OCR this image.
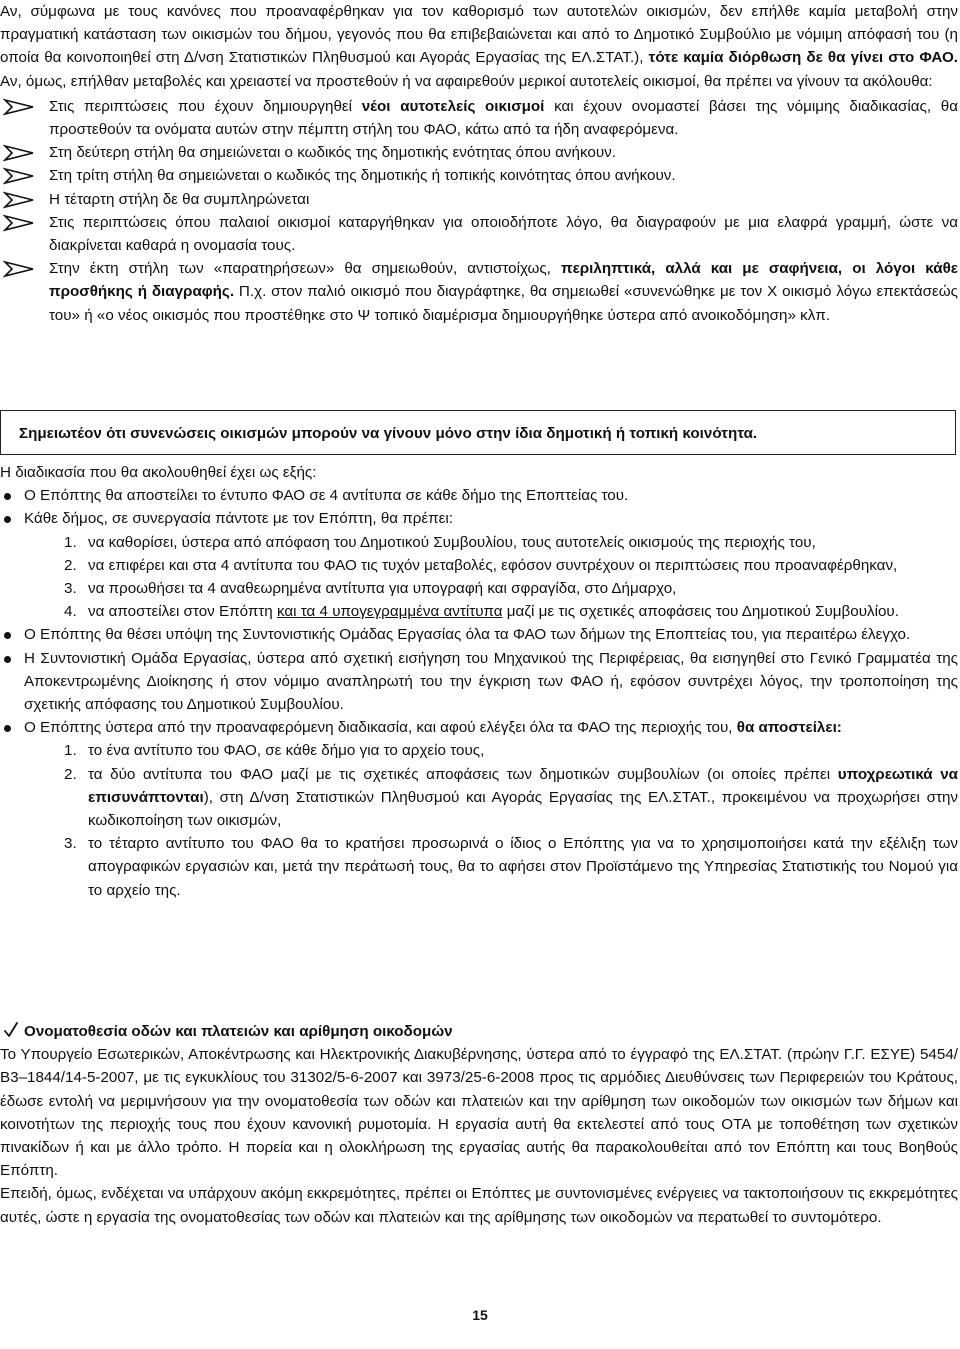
Αν, σύμφωνα με τους κανόνες που προαναφέρθηκαν για τον καθορισμό των αυτοτελών οικισμών, δεν επήλθε καμία μεταβολή στην πραγματική κατάσταση των οικισμών του δήμου, γεγονός που θα επιβεβαιώνεται και από το Δημοτικό Συμβούλιο με νόμιμη απόφασή του (η οποία θα κοινοποιηθεί στη Δ/νση Στατιστικών Πληθυσμού και Αγοράς Εργασίας της ΕΛ.ΣΤΑΤ.), τότε καμία διόρθωση δε θα γίνει στο ΦΑΟ. Αν, όμως, επήλθαν μεταβολές και χρειαστεί να προστεθούν ή να αφαιρεθούν μερικοί αυτοτελείς οικισμοί, θα πρέπει να γίνουν τα ακόλουθα:

Στις περιπτώσεις που έχουν δημιουργηθεί νέοι αυτοτελείς οικισμοί και έχουν ονομαστεί βάσει της νόμιμης διαδικασίας, θα προστεθούν τα ονόματα αυτών στην πέμπτη στήλη του ΦΑΟ, κάτω από τα ήδη αναφερόμενα.
Στη δεύτερη στήλη θα σημειώνεται ο κωδικός της δημοτικής ενότητας όπου ανήκουν.
Στη τρίτη στήλη θα σημειώνεται ο κωδικός της δημοτικής ή τοπικής κοινότητας όπου ανήκουν.
Η τέταρτη στήλη δε θα συμπληρώνεται
Στις περιπτώσεις όπου παλαιοί οικισμοί καταργήθηκαν για οποιοδήποτε λόγο, θα διαγραφούν με μια ελαφρά γραμμή, ώστε να διακρίνεται καθαρά η ονομασία τους.
Στην έκτη στήλη των «παρατηρήσεων» θα σημειωθούν, αντιστοίχως, περιληπτικά, αλλά και με σαφήνεια, οι λόγοι κάθε προσθήκης ή διαγραφής. Π.χ. στον παλιό οικισμό που διαγράφτηκε, θα σημειωθεί «συνενώθηκε με τον Χ οικισμό λόγω επεκτάσεώς του» ή «ο νέος οικισμός που προστέθηκε στο Ψ τοπικό διαμέρισμα δημιουργήθηκε ύστερα από ανοικοδόμηση» κλπ.

Σημειωτέον ότι συνενώσεις οικισμών μπορούν να γίνουν μόνο στην ίδια δημοτική ή τοπική κοινότητα.

Η διαδικασία που θα ακολουθηθεί έχει ως εξής:

Ο Επόπτης θα αποστείλει το έντυπο ΦΑΟ σε 4 αντίτυπα σε κάθε δήμο της Εποπτείας του.
Κάθε δήμος, σε συνεργασία πάντοτε με τον Επόπτη, θα πρέπει:
1. να καθορίσει, ύστερα από απόφαση του Δημοτικού Συμβουλίου, τους αυτοτελείς οικισμούς της περιοχής του,
2. να επιφέρει και στα 4 αντίτυπα του ΦΑΟ τις τυχόν μεταβολές, εφόσον συντρέχουν οι περιπτώσεις που προαναφέρθηκαν,
3. να προωθήσει τα 4 αναθεωρημένα αντίτυπα για υπογραφή και σφραγίδα, στο Δήμαρχο,
4. να αποστείλει στον Επόπτη και τα 4 υπογεγραμμένα αντίτυπα μαζί με τις σχετικές αποφάσεις του Δημοτικού Συμβουλίου.
Ο Επόπτης θα θέσει υπόψη της Συντονιστικής Ομάδας Εργασίας όλα τα ΦΑΟ των δήμων της Εποπτείας του, για περαιτέρω έλεγχο.
Η Συντονιστική Ομάδα Εργασίας, ύστερα από σχετική εισήγηση του Μηχανικού της Περιφέρειας, θα εισηγηθεί στο Γενικό Γραμματέα της Αποκεντρωμένης Διοίκησης ή στον νόμιμο αναπληρωτή του την έγκριση των ΦΑΟ ή, εφόσον συντρέχει λόγος, την τροποποίηση της σχετικής απόφασης του Δημοτικού Συμβουλίου.
Ο Επόπτης ύστερα από την προαναφερόμενη διαδικασία, και αφού ελέγξει όλα τα ΦΑΟ της περιοχής του, θα αποστείλει:
1. το ένα αντίτυπο του ΦΑΟ, σε κάθε δήμο για το αρχείο τους,
2. τα δύο αντίτυπα του ΦΑΟ μαζί με τις σχετικές αποφάσεις των δημοτικών συμβουλίων (οι οποίες πρέπει υποχρεωτικά να επισυνάπτονται), στη Δ/νση Στατιστικών Πληθυσμού και Αγοράς Εργασίας της ΕΛ.ΣΤΑΤ., προκειμένου να προχωρήσει στην κωδικοποίηση των οικισμών,
3. το τέταρτο αντίτυπο του ΦΑΟ θα το κρατήσει προσωρινά ο ίδιος ο Επόπτης για να το χρησιμοποιήσει κατά την εξέλιξη των απογραφικών εργασιών και, μετά την περάτωσή τους, θα το αφήσει στον Προϊστάμενο της Υπηρεσίας Στατιστικής του Νομού για το αρχείο της.
Ονοματοθεσία οδών και πλατειών και αρίθμηση οικοδομών

Το Υπουργείο Εσωτερικών, Αποκέντρωσης και Ηλεκτρονικής Διακυβέρνησης, ύστερα από το έγγραφό της ΕΛ.ΣΤΑΤ. (πρώην Γ.Γ. ΕΣΥΕ) 5454/Β3–1844/14-5-2007, με τις εγκυκλίους του 31302/5-6-2007 και 3973/25-6-2008 προς τις αρμόδιες Διευθύνσεις των Περιφερειών του Κράτους, έδωσε εντολή να μεριμνήσουν για την ονοματοθεσία των οδών και πλατειών και την αρίθμηση των οικοδομών των οικισμών των δήμων και κοινοτήτων της περιοχής τους που έχουν κανονική ρυμοτομία. Η εργασία αυτή θα εκτελεστεί από τους ΟΤΑ με τοποθέτηση των σχετικών πινακίδων ή και με άλλο τρόπο. Η πορεία και η ολοκλήρωση της εργασίας αυτής θα παρακολουθείται από τον Επόπτη και τους Βοηθούς Επόπτη.

Επειδή, όμως, ενδέχεται να υπάρχουν ακόμη εκκρεμότητες, πρέπει οι Επόπτες με συντονισμένες ενέργειες να τακτοποιήσουν τις εκκρεμότητες αυτές, ώστε η εργασία της ονοματοθεσίας των οδών και πλατειών και της αρίθμησης των οικοδομών να περατωθεί το συντομότερο.

15
